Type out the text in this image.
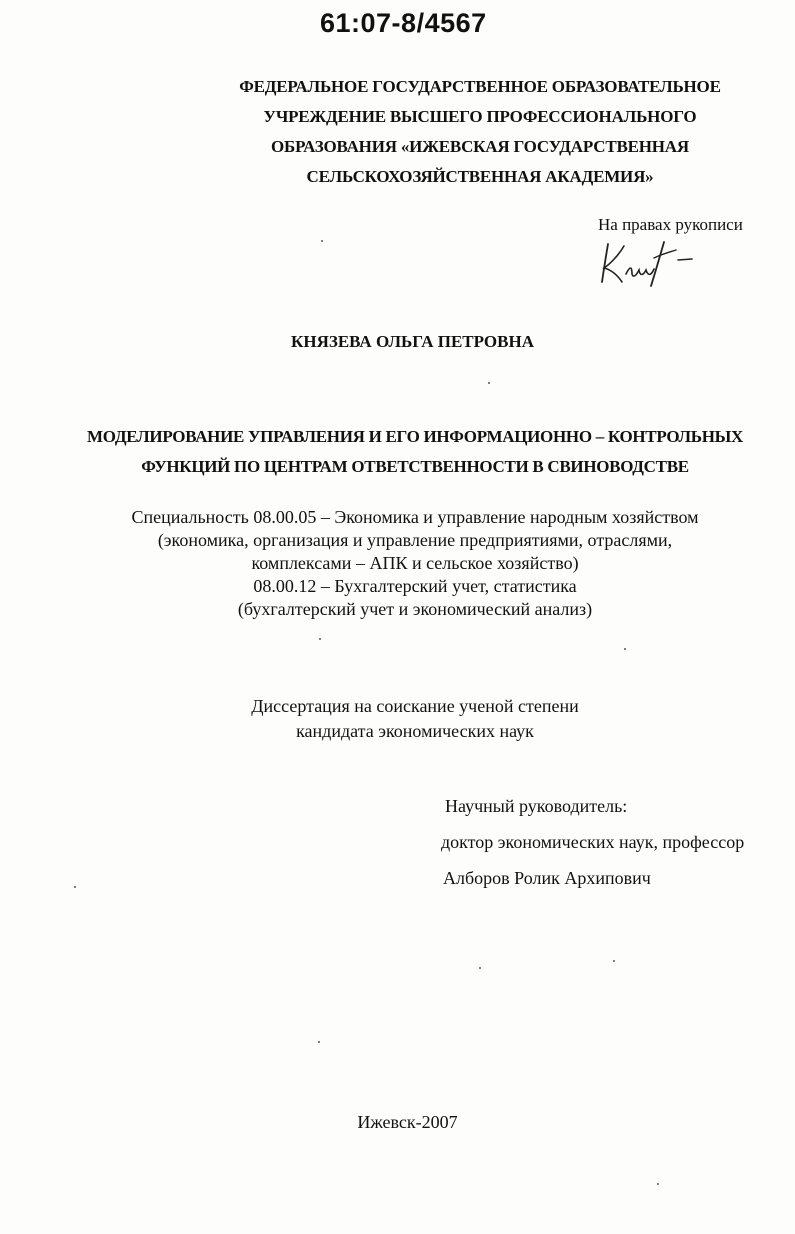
61:07-8/4567
ФЕДЕРАЛЬНОЕ ГОСУДАРСТВЕННОЕ ОБРАЗОВАТЕЛЬНОЕ
УЧРЕЖДЕНИЕ ВЫСШЕГО ПРОФЕССИОНАЛЬНОГО
ОБРАЗОВАНИЯ «ИЖЕВСКАЯ ГОСУДАРСТВЕННАЯ
СЕЛЬСКОХОЗЯЙСТВЕННАЯ АКАДЕМИЯ»
На правах рукописи
КНЯЗЕВА ОЛЬГА ПЕТРОВНА
МОДЕЛИРОВАНИЕ УПРАВЛЕНИЯ И ЕГО ИНФОРМАЦИОННО – КОНТРОЛЬНЫХ
ФУНКЦИЙ ПО ЦЕНТРАМ ОТВЕТСТВЕННОСТИ В СВИНОВОДСТВЕ
Специальность 08.00.05 – Экономика и управление народным хозяйством
(экономика, организация и управление предприятиями, отраслями,
комплексами – АПК и сельское хозяйство)
08.00.12 – Бухгалтерский учет, статистика
(бухгалтерский учет и экономический анализ)
Диссертация на соискание ученой степени
кандидата экономических наук
Научный руководитель:
доктор экономических наук, профессор
Алборов Ролик Архипович
Ижевск-2007
